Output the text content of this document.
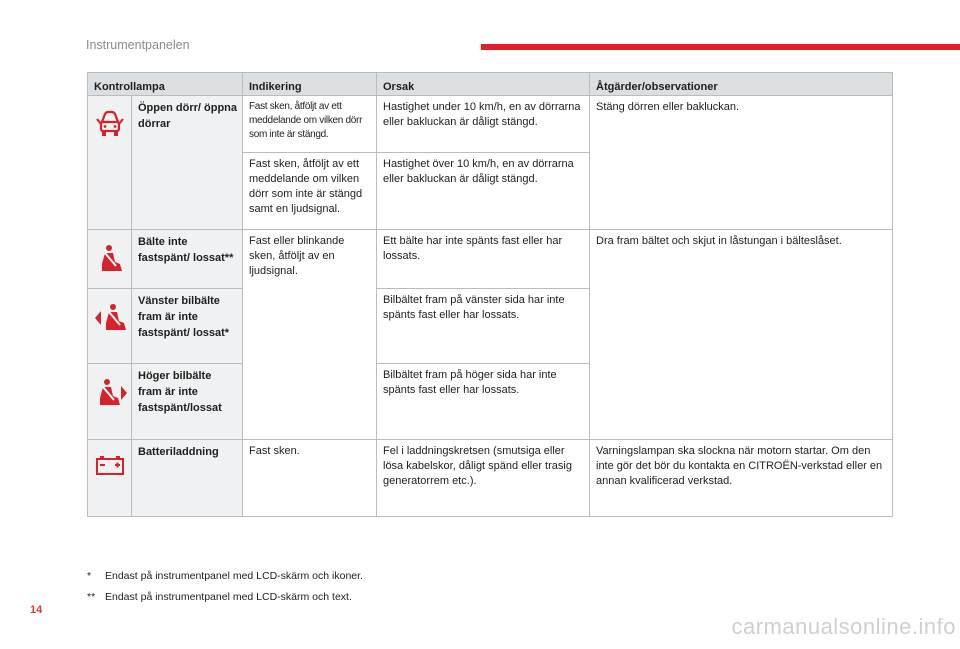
Instrumentpanelen
Kontrollampa		Indikering	Orsak	Åtgärder/observationer

	Öppen dörr/ öppna dörrar	Fast sken, åtföljt av ett meddelande om vilken dörr som inte är stängd.	Hastighet under 10 km/h, en av dörrarna eller bakluckan är dåligt stängd.	Stäng dörren eller bakluckan.
		Fast sken, åtföljt av ett meddelande om vilken dörr som inte är stängd samt en ljudsignal.	Hastighet över 10 km/h, en av dörrarna eller bakluckan är dåligt stängd.	

	Bälte inte fastspänt/ lossat**	Fast eller blinkande sken, åtföljt av en ljudsignal.	Ett bälte har inte spänts fast eller har lossats.	Dra fram bältet och skjut in låstungan i bälteslåset.

	Vänster bilbälte fram är inte fastspänt/ lossat*		Bilbältet fram på vänster sida har inte spänts fast eller har lossats.	

	Höger bilbälte fram är inte fastspänt/lossat		Bilbältet fram på höger sida har inte spänts fast eller har lossats.	

	Batteriladdning	Fast sken.	Fel i laddningskretsen (smutsiga eller lösa kabelskor, dåligt spänd eller trasig generatorrem etc.).	Varningslampan ska slockna när motorn startar. Om den inte gör det bör du kontakta en CITROËN-verkstad eller en annan kvalificerad verkstad.
* Endast på instrumentpanel med LCD-skärm och ikoner.
** Endast på instrumentpanel med LCD-skärm och text.
14
carmanualsonline.info
